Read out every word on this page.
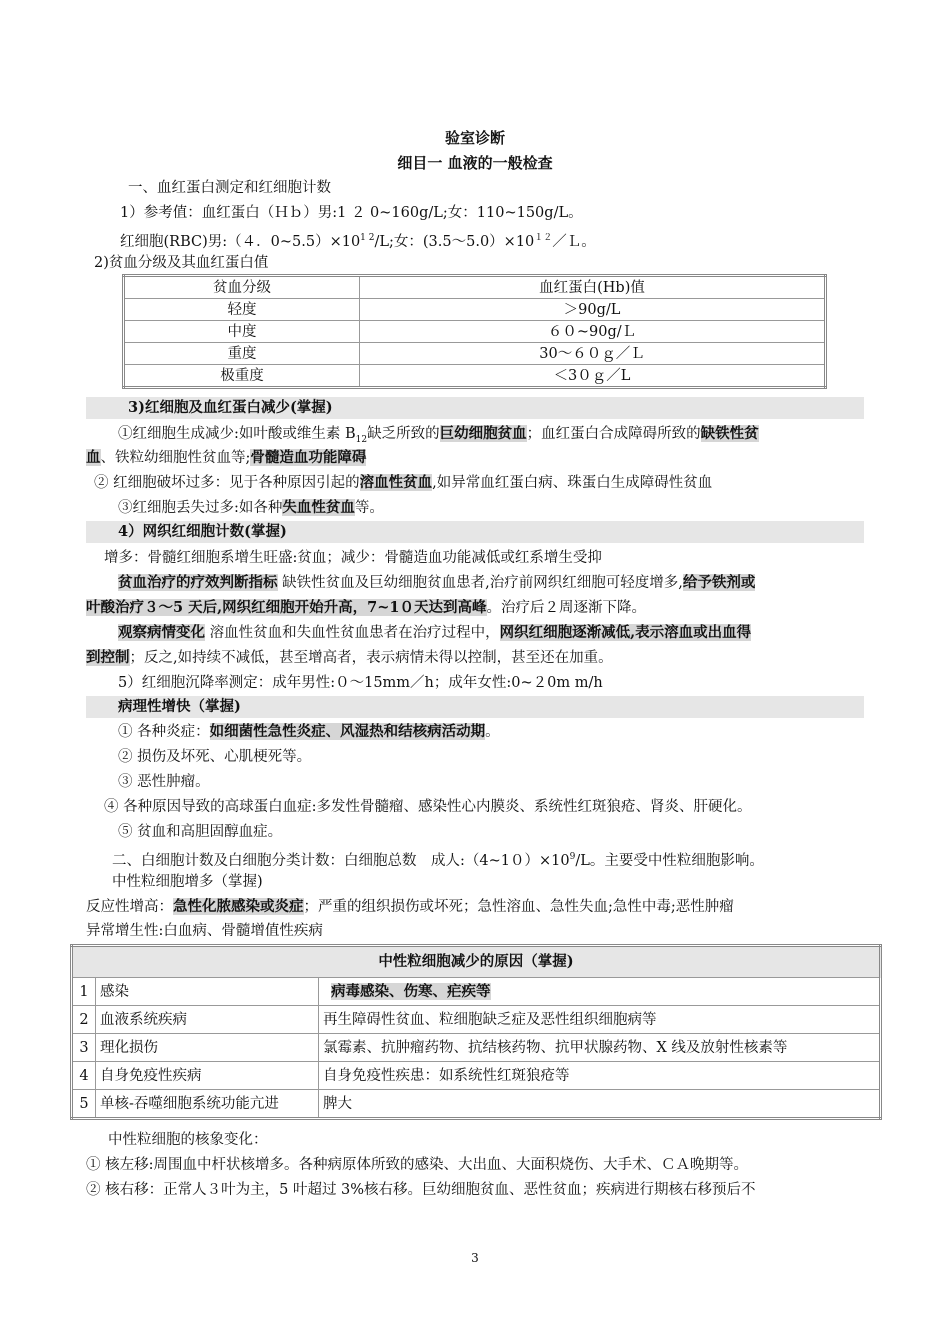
验室诊断
细目一 血液的一般检查
一、血红蛋白测定和红细胞计数
1）参考值：血红蛋白（Ｈｂ）男:1 ２ 0~160g/L;女：110~150g/L。
红细胞(RBC)男:（４．$0\sim 5.5)\times 10^{1 2}/L$;女：$(3.5\sim 5.0)\times 10^{12}/L$。
2)贫血分级及其血红蛋白值
贫血分级	血红蛋白(Hb)值
轻度	＞90g/L
中度	６０~90g/Ｌ
重度	30～６０ｇ／Ｌ
极重度	＜3０ｇ／L
3)红细胞及血红蛋白减少(掌握)
①红细胞生成减少:如叶酸或维生素 $B_{12}$缺乏所致的巨幼细胞贫血；血红蛋白合成障碍所致的缺铁性贫
血、铁粒幼细胞性贫血等;骨髓造血功能障碍
② 红细胞破坏过多：见于各种原因引起的溶血性贫血,如异常血红蛋白病、珠蛋白生成障碍性贫血
③红细胞丢失过多:如各种失血性贫血等。
4）网织红细胞计数(掌握)
增多：骨髓红细胞系增生旺盛:贫血；减少：骨髓造血功能减低或红系增生受抑
贫血治疗的疗效判断指标 缺铁性贫血及巨幼细胞贫血患者,治疗前网织红细胞可轻度增多,给予铁剂或
叶酸治疗３～5 天后,网织红细胞开始升高，7~1０天达到高峰。治疗后２周逐渐下降。
观察病情变化 溶血性贫血和失血性贫血患者在治疗过程中，网织红细胞逐渐减低,表示溶血或出血得
到控制；反之,如持续不减低，甚至增高者，表示病情未得以控制，甚至还在加重。
5）红细胞沉降率测定：成年男性:０～15mm／h；成年女性:0~２0m m/h
病理性增快（掌握)
① 各种炎症：如细菌性急性炎症、风湿热和结核病活动期。
② 损伤及坏死、心肌梗死等。
③ 恶性肿瘤。
④ 各种原因导致的高球蛋白血症:多发性骨髓瘤、感染性心内膜炎、系统性红斑狼疮、肾炎、肝硬化。
⑤ 贫血和高胆固醇血症。
二、白细胞计数及白细胞分类计数：白细胞总数　成人$:(4\sim 10)\times 10^9/L$。主要受中性粒细胞影响。
中性粒细胞增多（掌握)
反应性增高：急性化脓感染或炎症；严重的组织损伤或坏死；急性溶血、急性失血;急性中毒;恶性肿瘤
异常增生性:白血病、骨髓增值性疾病
中性粒细胞减少的原因（掌握)		
1	感染	病毒感染、伤寒、疟疾等
2	血液系统疾病	再生障碍性贫血、粒细胞缺乏症及恶性组织细胞病等
3	理化损伤	氯霉素、抗肿瘤药物、抗结核药物、抗甲状腺药物、X 线及放射性核素等
4	自身免疫性疾病	自身免疫性疾患：如系统性红斑狼疮等
5	单核-吞噬细胞系统功能亢进	脾大
中性粒细胞的核象变化：
① 核左移:周围血中杆状核增多。各种病原体所致的感染、大出血、大面积烧伤、大手术、ＣＡ晚期等。
② 核右移：正常人３叶为主，5 叶超过 3%核右移。巨幼细胞贫血、恶性贫血；疾病进行期核右移预后不
3
